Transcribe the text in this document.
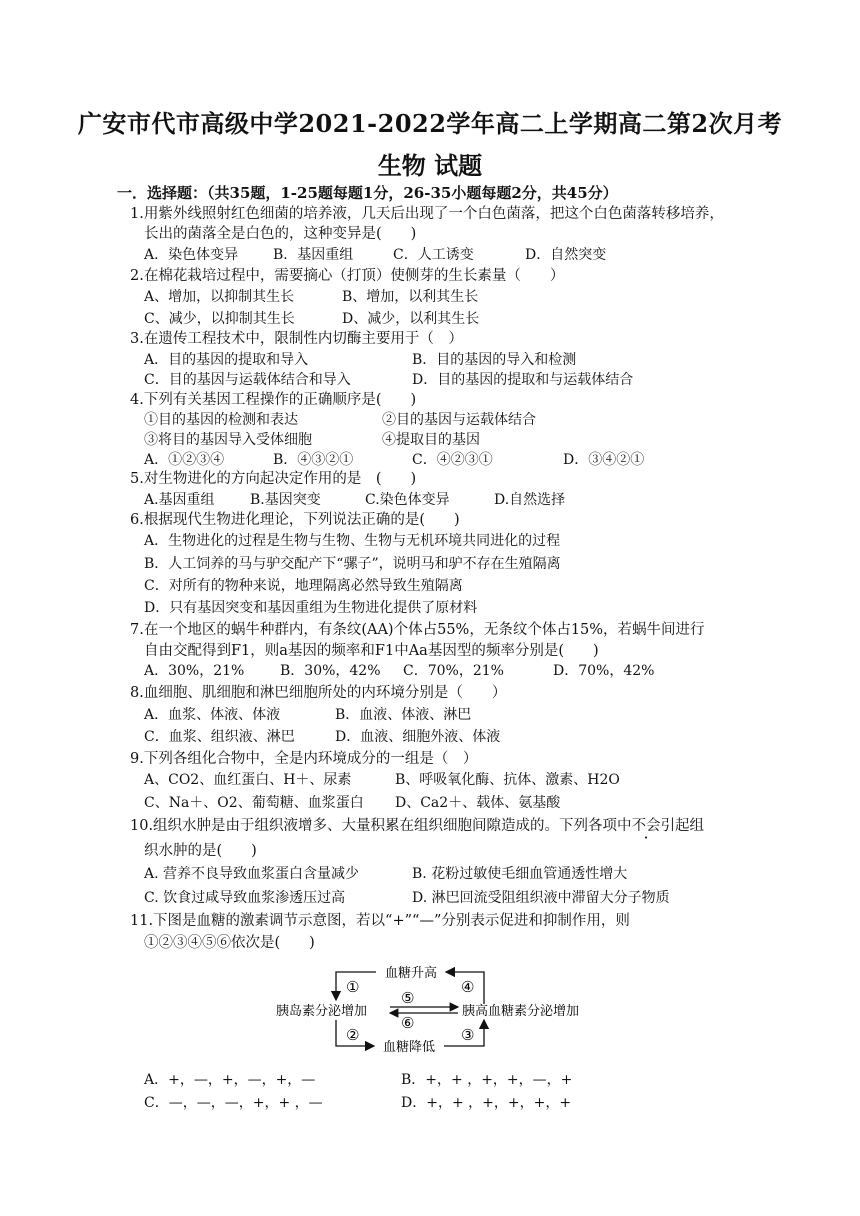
广安市代市高级中学2021-2022学年高二上学期高二第2次月考
生物 试题
一．选择题：（共35题，1-25题每题1分，26-35小题每题2分，共45分）
1.用紫外线照射红色细菌的培养液，几天后出现了一个白色菌落，把这个白色菌落转移培养，
长出的菌落全是白色的，这种变异是(　　)
A．染色体变异 B．基因重组	C．人工诱变	D．自然突变
2.在棉花栽培过程中，需要摘心（打顶）使侧芽的生长素量（　　）
A、增加，以抑制其生长	B、增加，以利其生长
C、减少，以抑制其生长	D、减少，以利其生长
3.在遗传工程技术中，限制性内切酶主要用于（　）
A．目的基因的提取和导入	B．目的基因的导入和检测
C．目的基因与运载体结合和导入	D．目的基因的提取和与运载体结合
4.下列有关基因工程操作的正确顺序是(　　)
①目的基因的检测和表达	②目的基因与运载体结合
③将目的基因导入受体细胞	④提取目的基因
A．①②③④	B．④③②①	C．④②③①	D．③④②①
5.对生物进化的方向起决定作用的是　(　　)
A.基因重组	B.基因突变	C.染色体变异	D.自然选择
6.根据现代生物进化理论，下列说法正确的是(　　)
A．生物进化的过程是生物与生物、生物与无机环境共同进化的过程
B．人工饲养的马与驴交配产下“骡子”，说明马和驴不存在生殖隔离
C．对所有的物种来说，地理隔离必然导致生殖隔离
D．只有基因突变和基因重组为生物进化提供了原材料
7.在一个地区的蜗牛种群内，有条纹(AA)个体占55%，无条纹个体占15%，若蜗牛间进行
自由交配得到F1，则a基因的频率和F1中Aa基因型的频率分别是(　　)
A．30%，21%	B．30%，42% C．70%，21%	D．70%，42%
8.血细胞、肌细胞和淋巴细胞所处的内环境分别是（　　）
A．血浆、体液、体液	B．血液、体液、淋巴
C．血浆、组织液、淋巴	D．血液、细胞外液、体液
9.下列各组化合物中，全是内环境成分的一组是（　）
A、CO2、血红蛋白、H＋、尿素	B、呼吸氧化酶、抗体、激素、H2O
C、Na＋、O2、葡萄糖、血浆蛋白 D、Ca2＋、载体、氨基酸
10.组织水肿是由于组织液增多、大量积累在组织细胞间隙造成的。下列各项中不会引起组
织水肿的是(　　)
A. 营养不良导致血浆蛋白含量减少	B. 花粉过敏使毛细血管通透性增大
C. 饮食过咸导致血浆渗透压过高	D. 淋巴回流受阻组织液中滞留大分子物质
11.下图是血糖的激素调节示意图，若以“+”“—”分别表示促进和抑制作用，则
①②③④⑤⑥依次是(　　)
血糖升高
血糖降低
胰岛素分泌增加	胰高血糖素分泌增加
①
②	③
④
⑤
⑥
A．+，—，+，—，+，—	B．+，+ ，+，+，—，+
C．—，—，—，+，+ ，—	D．+，+ ，+，+，+，+
